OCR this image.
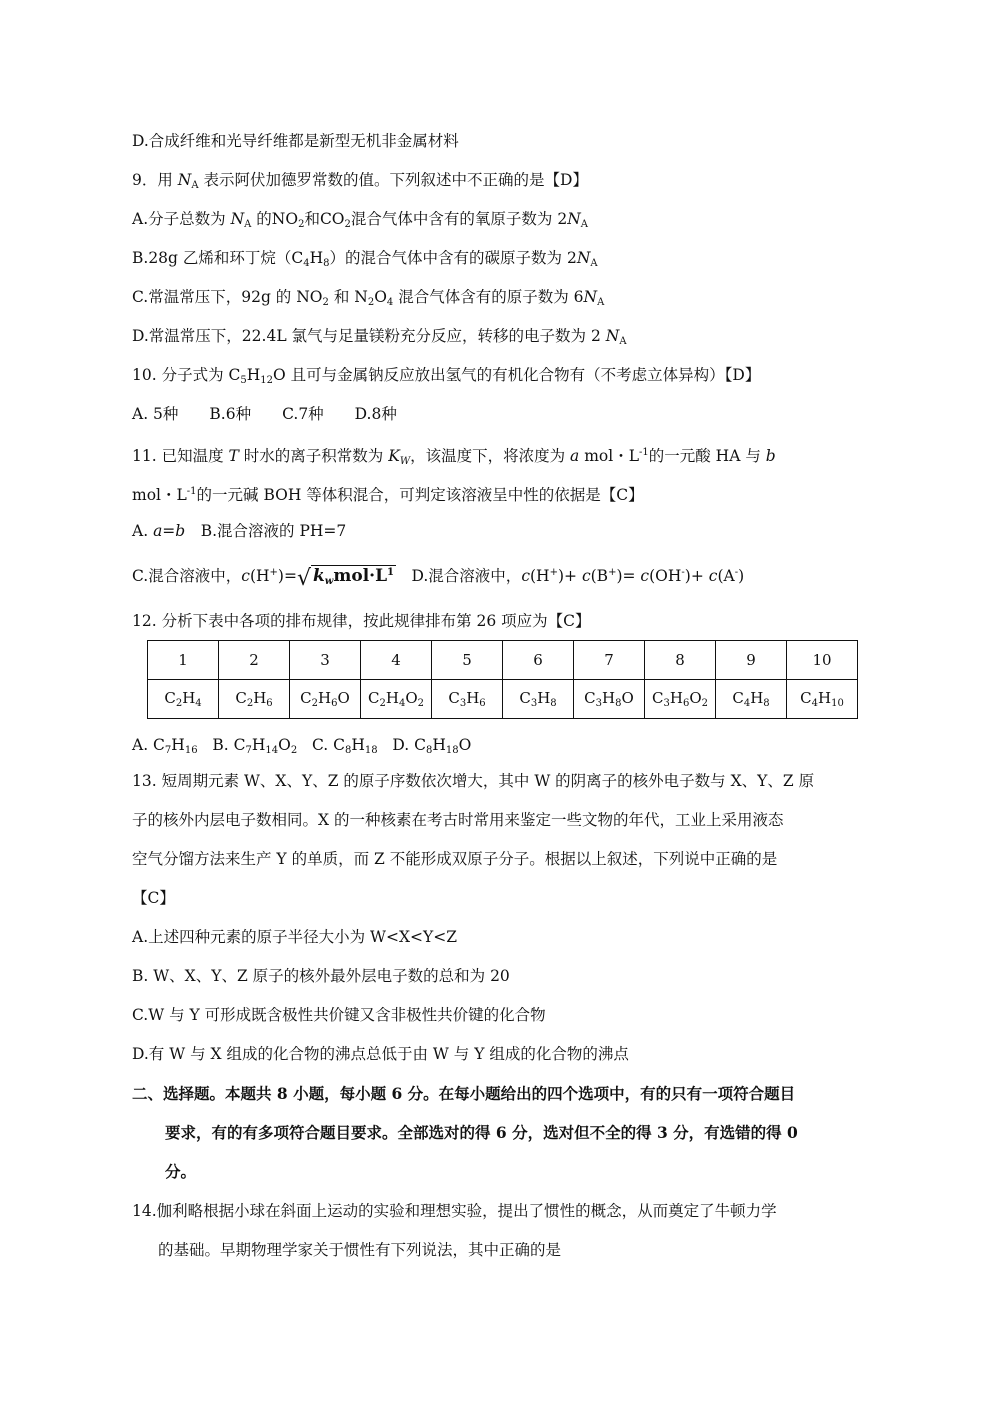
D.合成纤维和光导纤维都是新型无机非金属材料
9．用 $N_A$ 表示阿伏加德罗常数的值。下列叙述中不正确的是【D】
A.分子总数为 $N_A$ 的$NO_2$和$CO_2$混合气体中含有的氧原子数为 $2N_A$
B.28g 乙烯和环丁烷$(C_4H_8)$的混合气体中含有的碳原子数为 $2N_A$
C.常温常压下，92g 的 $NO_2$ 和 $N_2O_4$ 混合气体含有的原子数为 $6N_A$
D.常温常压下，22.4L 氯气与足量镁粉充分反应，转移的电子数为 2 $N_A$
10. 分子式为 $C_5H_{12}O$ 且可与金属钠反应放出氢气的有机化合物有（不考虑立体异构）【D】
A. 5种　　B.6种　　C.7种　　D.8种
11. 已知温度 T 时水的离子积常数为 $K_W$，该温度下，将浓度为 a mol・$L^{-1}$的一元酸 HA 与 b
mol・$L^{-1}$的一元碱 BOH 等体积混合，可判定该溶液呈中性的依据是【C】
A. a=b　B.混合溶液的 PH=7
C.混合溶液中，c(H+)=√ $k_wmol\cdot L^1$　D.混合溶液中，c(H+)+ c(B+)= c(OH-)+ c(A-)
12. 分析下表中各项的排布规律，按此规律排布第 26 项应为【C】
1	2	3	4	5	6	7	8	9	10
$C_2H_4$	$C_2H_6$	$C_2H_6O$	$C_2H_4O_2$	$C_3H_6$	$C_3H_8$	$C_3H_8O$	$C_3H_6O_2$	$C_4H_8$	$C_4H_{10}$
A. $C_7H_{16}$ B. $C_7H_{14}O_2$ C. $C_8H_{18}$ D. $C_8H_{18}O$
13. 短周期元素 W、X、Y、Z 的原子序数依次增大，其中 W 的阴离子的核外电子数与 X、Y、Z 原
子的核外内层电子数相同。X 的一种核素在考古时常用来鉴定一些文物的年代，工业上采用液态
空气分馏方法来生产 Y 的单质，而 Z 不能形成双原子分子。根据以上叙述，下列说中正确的是
【C】
A.上述四种元素的原子半径大小为 W<X<Y<Z
B. W、X、Y、Z 原子的核外最外层电子数的总和为 20
C.W 与 Y 可形成既含极性共价键又含非极性共价键的化合物
D.有 W 与 X 组成的化合物的沸点总低于由 W 与 Y 组成的化合物的沸点
二、选择题。本题共 8 小题，每小题 6 分。在每小题给出的四个选项中，有的只有一项符合题目
要求，有的有多项符合题目要求。全部选对的得 6 分，选对但不全的得 3 分，有选错的得 0
分。
14.伽利略根据小球在斜面上运动的实验和理想实验，提出了惯性的概念，从而奠定了牛顿力学
的基础。早期物理学家关于惯性有下列说法，其中正确的是
